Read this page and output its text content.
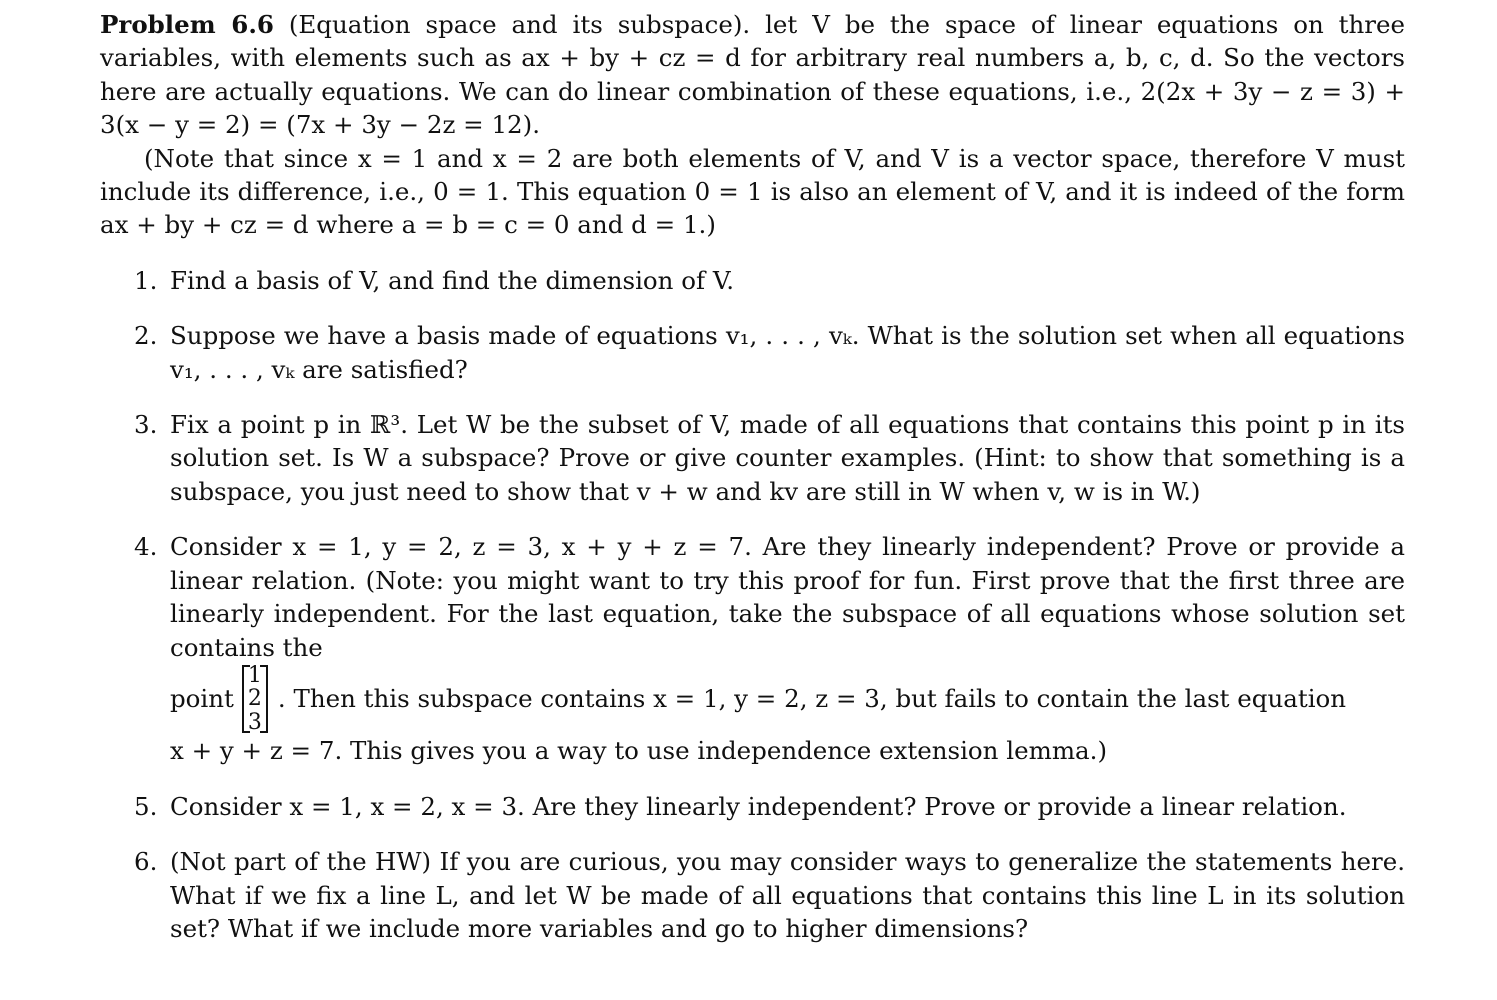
Problem 6.6 (Equation space and its subspace). let V be the space of linear equations on three variables, with elements such as ax + by + cz = d for arbitrary real numbers a, b, c, d. So the vectors here are actually equations. We can do linear combination of these equations, i.e., 2(2x + 3y − z = 3) + 3(x − y = 2) = (7x + 3y − 2z = 12).

(Note that since x = 1 and x = 2 are both elements of V, and V is a vector space, therefore V must include its difference, i.e., 0 = 1. This equation 0 = 1 is also an element of V, and it is indeed of the form ax + by + cz = d where a = b = c = 0 and d = 1.)

1. Find a basis of V, and find the dimension of V.
2. Suppose we have a basis made of equations v₁, . . . , vₖ. What is the solution set when all equations v₁, . . . , vₖ are satisfied?
3. Fix a point p in ℝ³. Let W be the subset of V, made of all equations that contains this point p in its solution set. Is W a subspace? Prove or give counter examples. (Hint: to show that something is a subspace, you just need to show that v + w and kv are still in W when v, w is in W.)
4. Consider x = 1, y = 2, z = 3, x + y + z = 7. Are they linearly independent? Prove or provide a linear relation. (Note: you might want to try this proof for fun. First prove that the first three are linearly independent. For the last equation, take the subspace of all equations whose solution set contains the
point
1
2
3
. Then this subspace contains x = 1, y = 2, z = 3, but fails to contain the last equation
x + y + z = 7. This gives you a way to use independence extension lemma.)
5. Consider x = 1, x = 2, x = 3. Are they linearly independent? Prove or provide a linear relation.
6. (Not part of the HW) If you are curious, you may consider ways to generalize the statements here. What if we fix a line L, and let W be made of all equations that contains this line L in its solution set? What if we include more variables and go to higher dimensions?
